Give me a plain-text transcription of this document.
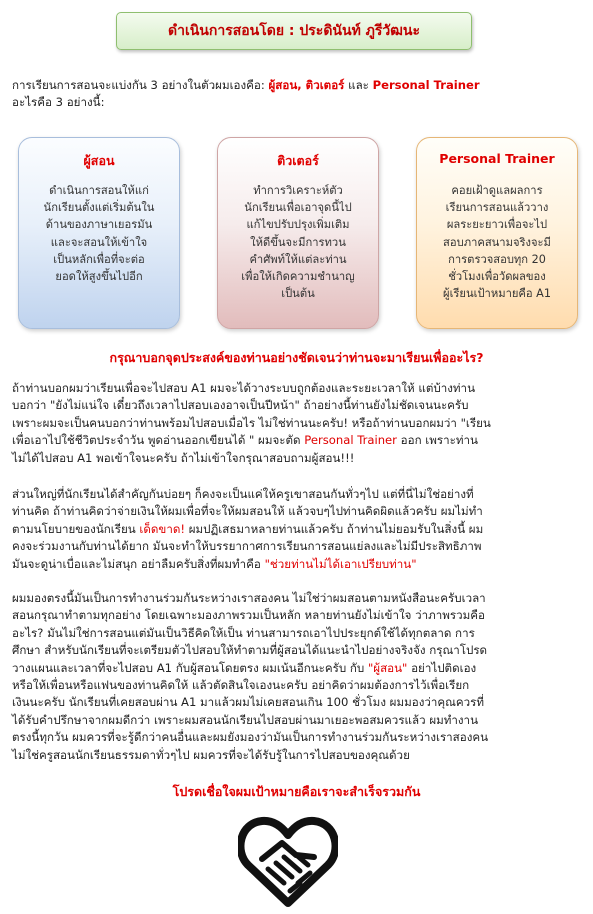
ดำเนินการสอนโดย : ประดินันท์ ภูรีวัฒนะ

การเรียนการสอนจะแบ่งกัน 3 อย่างในตัวผมเองคือ: ผู้สอน, ติวเตอร์ และ Personal Trainer
อะไรคือ 3 อย่างนี้:

ผู้สอน
ดำเนินการสอนให้แก่
นักเรียนตั้งแต่เริ่มต้นใน
ด้านของภาษาเยอรมัน
และจะสอนให้เข้าใจ
เป็นหลักเพื่อที่จะต่อ
ยอดให้สูงขึ้นไปอีก
ติวเตอร์
ทำการวิเคราะห์ตัว
นักเรียนเพื่อเอาจุดนี้ไป
แก้ไขปรับปรุงเพิ่มเติม
ให้ดีขึ้นจะมีการทวน
คำศัพท์ให้แต่ละท่าน
เพื่อให้เกิดความชำนาญ
เป็นต้น
Personal Trainer
คอยเฝ้าดูแลผลการ
เรียนการสอนแล้ววาง
ผลระยะยาวเพื่อจะไป
สอบภาคสนามจริงจะมี
การตรวจสอบทุก 20
ชั่วโมงเพื่อวัดผลของ
ผู้เรียนเป้าหมายคือ A1

กรุณาบอกจุดประสงค์ของท่านอย่างชัดเจนว่าท่านจะมาเรียนเพื่ออะไร?

ถ้าท่านบอกผมว่าเรียนเพื่อจะไปสอบ A1 ผมจะได้วางระบบถูกต้องและระยะเวลาให้ แต่บ้างท่าน
บอกว่า "ยังไม่แน่ใจ เดี๋ยวถึงเวลาไปสอบเองอาจเป็นปีหน้า" ถ้าอย่างนี้ท่านยังไม่ชัดเจนนะครับ
เพราะผมจะเป็นคนบอกว่าท่านพร้อมไปสอบเมื่อไร ไม่ใช่ท่านนะครับ! หรือถ้าท่านบอกผมว่า "เรียน
เพื่อเอาไปใช้ชีวิตประจำวัน พูดอ่านออกเขียนได้ " ผมจะตัด Personal Trainer ออก เพราะท่าน
ไม่ได้ไปสอบ A1 พอเข้าใจนะครับ ถ้าไม่เข้าใจกรุณาสอบถามผู้สอน!!!

ส่วนใหญ่ที่นักเรียนได้สำคัญกันบ่อยๆ ก็คงจะเป็นแค่ให้ครูเขาสอนกันทั่วๆไป แต่ที่นี่ไม่ใช่อย่างที่
ท่านคิด ถ้าท่านคิดว่าจ่ายเงินให้ผมเพื่อที่จะให้ผมสอนให้ แล้วจบๆไปท่านคิดผิดแล้วครับ ผมไม่ทำ
ตามนโยบายของนักเรียน เด็ดขาด! ผมปฏิเสธมาหลายท่านแล้วครับ ถ้าท่านไม่ยอมรับในสิ่งนี้ ผม
คงจะร่วมงานกับท่านได้ยาก มันจะทำให้บรรยากาศการเรียนการสอนแย่ลงและไม่มีประสิทธิภาพ
มันจะดูน่าเบื่อและไม่สนุก อย่าลืมครับสิ่งที่ผมทำคือ "ช่วยท่านไม่ได้เอาเปรียบท่าน"

ผมมองตรงนี้มันเป็นการทำงานร่วมกันระหว่างเราสองคน ไม่ใช่ว่าผมสอนตามหนังสือนะครับเวลา
สอนกรุณาทำตามทุกอย่าง โดยเฉพาะมองภาพรวมเป็นหลัก หลายท่านยังไม่เข้าใจ ว่าภาพรวมคือ
อะไร? มันไม่ใช่การสอนแต่มันเป็นวิธีคิดให้เป็น ท่านสามารถเอาไปประยุกต์ใช้ได้ทุกตลาด การ
ศึกษา สำหรับนักเรียนที่จะเตรียมตัวไปสอบให้ทำตามที่ผู้สอนได้แนะนำไปอย่างจริงจัง กรุณาโปรด
วางแผนและเวลาที่จะไปสอบ A1 กับผู้สอนโดยตรง ผมเน้นอีกนะครับ กับ "ผู้สอน" อย่าไปติดเอง
หรือให้เพื่อนหรือแฟนของท่านคิดให้ แล้วตัดสินใจเองนะครับ อย่าคิดว่าผมต้องการไว้เพื่อเรียก
เงินนะครับ นักเรียนที่เคยสอบผ่าน A1 มาแล้วผมไม่เคยสอนเกิน 100 ชั่วโมง ผมมองว่าคุณควรที่
ได้รับคำปรึกษาจากผมดีกว่า เพราะผมสอนนักเรียนไปสอบผ่านมาเยอะพอสมควรแล้ว ผมทำงาน
ตรงนี้ทุกวัน ผมควรที่จะรู้ดีกว่าคนอื่นและผมยังมองว่ามันเป็นการทำงานร่วมกันระหว่างเราสองคน
ไม่ใช่ครูสอนนักเรียนธรรมดาทั่วๆไป ผมควรที่จะได้รับรู้ในการไปสอบของคุณด้วย

โปรดเชื่อใจผมเป้าหมายคือเราจะสำเร็จรวมกัน
